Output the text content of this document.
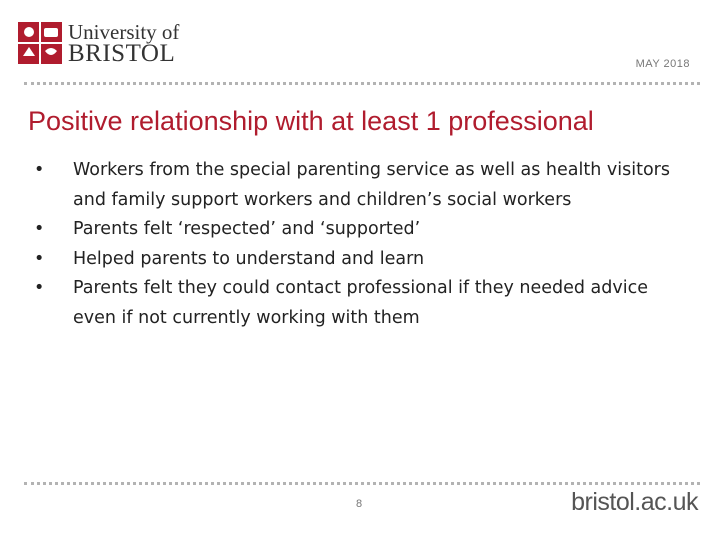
University of
BRISTOL	MAY 2018
Positive relationship with at least 1 professional
• Workers from the special parenting service as well as health visitors and family support workers and children’s social workers
• Parents felt ‘respected’ and ‘supported’
• Helped parents to understand and learn
• Parents felt they could contact professional if they needed advice even if not currently working with them
8	bristol.ac.uk
